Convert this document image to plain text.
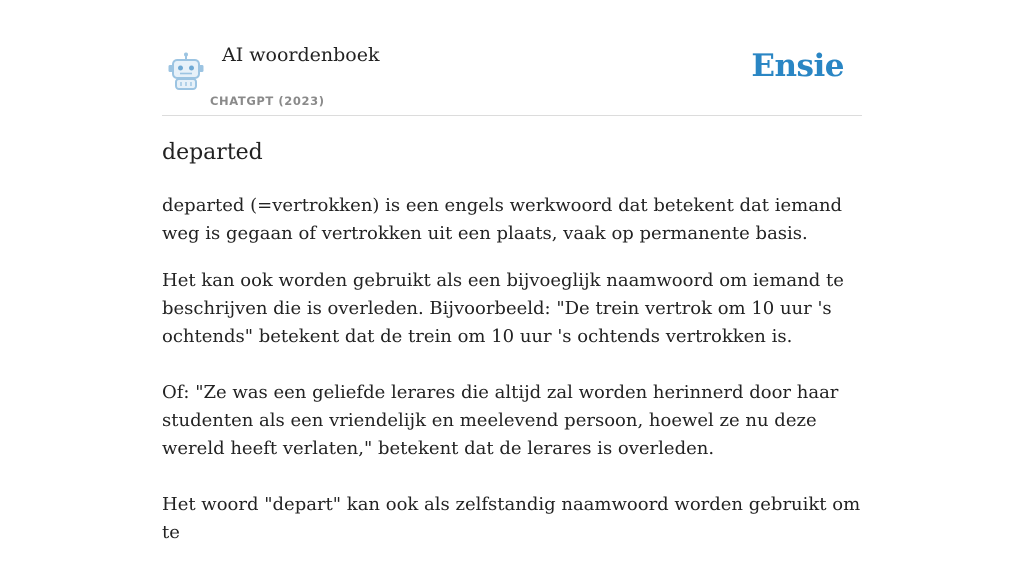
AI woordenboek
CHATGPT (2023)
Ensie
departed

departed (=vertrokken) is een engels werkwoord dat betekent dat iemand weg is gegaan of vertrokken uit een plaats, vaak op permanente basis.

Het kan ook worden gebruikt als een bijvoeglijk naamwoord om iemand te beschrijven die is overleden. Bijvoorbeeld: "De trein vertrok om 10 uur 's ochtends" betekent dat de trein om 10 uur 's ochtends vertrokken is.

Of: "Ze was een geliefde lerares die altijd zal worden herinnerd door haar studenten als een vriendelijk en meelevend persoon, hoewel ze nu deze wereld heeft verlaten," betekent dat de lerares is overleden.

Het woord "depart" kan ook als zelfstandig naamwoord worden gebruikt om te
